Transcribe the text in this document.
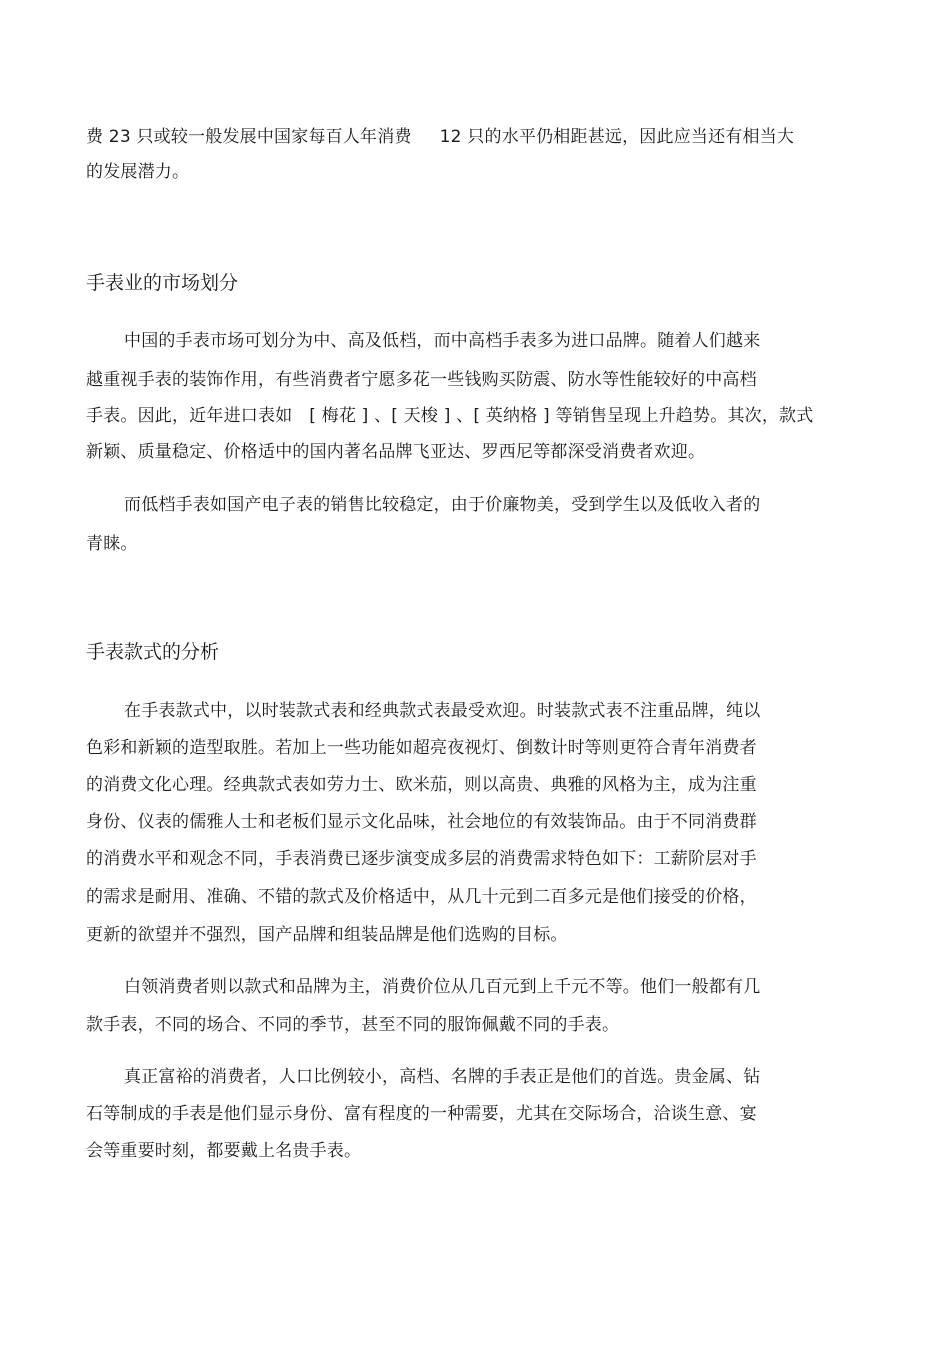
费 23 只或较一般发展中国家每百人年消费     12 只的水平仍相距甚远，因此应当还有相当大
的发展潜力。
手表业的市场划分
中国的手表市场可划分为中、高及低档，而中高档手表多为进口品牌。随着人们越来
越重视手表的装饰作用，有些消费者宁愿多花一些钱购买防震、防水等性能较好的中高档
手表。因此，近年进口表如   [ 梅花 ] 、[ 天梭 ] 、[ 英纳格 ] 等销售呈现上升趋势。其次，款式
新颖、质量稳定、价格适中的国内著名品牌飞亚达、罗西尼等都深受消费者欢迎。
而低档手表如国产电子表的销售比较稳定，由于价廉物美，受到学生以及低收入者的
青睐。
手表款式的分析
在手表款式中，以时装款式表和经典款式表最受欢迎。时装款式表不注重品牌，纯以
色彩和新颖的造型取胜。若加上一些功能如超亮夜视灯、倒数计时等则更符合青年消费者
的消费文化心理。经典款式表如劳力士、欧米茄，则以高贵、典雅的风格为主，成为注重
身份、仪表的儒雅人士和老板们显示文化品味，社会地位的有效装饰品。由于不同消费群
的消费水平和观念不同，手表消费已逐步演变成多层的消费需求特色如下：工薪阶层对手
的需求是耐用、准确、不错的款式及价格适中，从几十元到二百多元是他们接受的价格，
更新的欲望并不强烈，国产品牌和组装品牌是他们选购的目标。
白领消费者则以款式和品牌为主，消费价位从几百元到上千元不等。他们一般都有几
款手表，不同的场合、不同的季节，甚至不同的服饰佩戴不同的手表。
真正富裕的消费者，人口比例较小，高档、名牌的手表正是他们的首选。贵金属、钻
石等制成的手表是他们显示身份、富有程度的一种需要，尤其在交际场合，洽谈生意、宴
会等重要时刻，都要戴上名贵手表。
